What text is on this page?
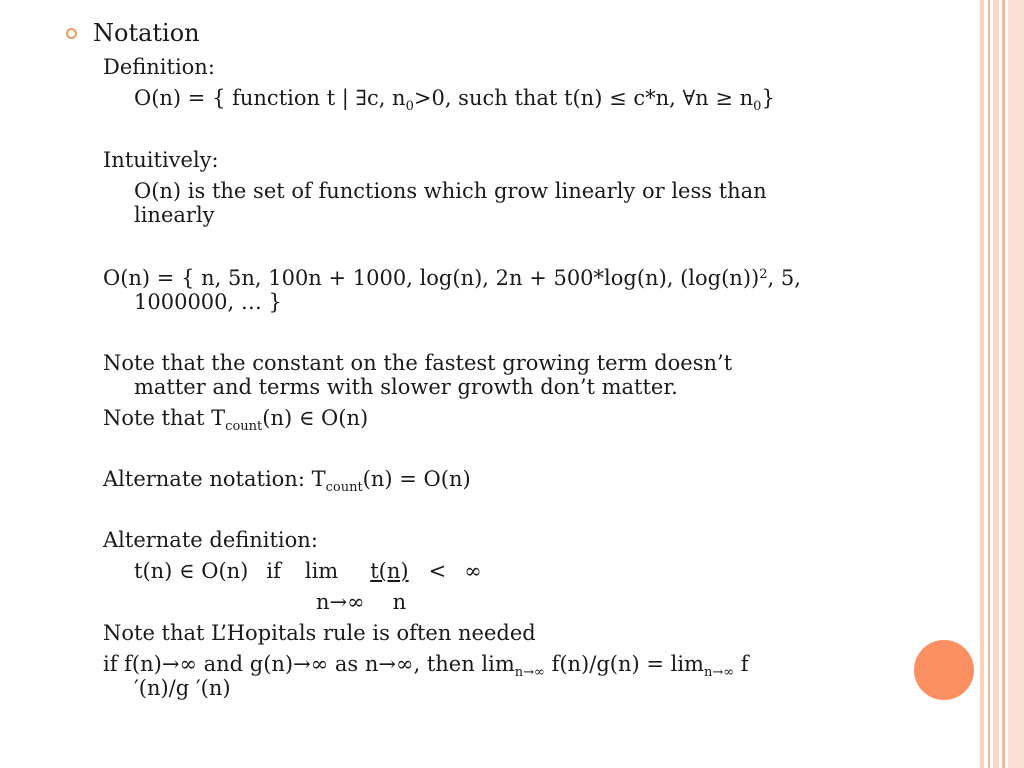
Notation
Definition:
O(n) = { function t | ∃c, $n_0>0$, such that t(n) ≤ c*n, ∀n ≥ $n_0$}
Intuitively:
O(n) is the set of functions which grow linearly or less than
linearly
O(n) = { n, 5n, 100n + 1000, log(n), 2n + 500*log(n), $(\log(n))^2$, 5,
1000000, … }
Note that the constant on the fastest growing term doesn’t
matter and terms with slower growth don’t matter.
Note that $T_{count}(n)$ ∈ O(n)
Alternate notation: $T_{count}(n) = O(n)$
Alternate definition:
t(n) ∈ O(n) if lim t(n) < ∞
n→∞ n
Note that L’Hopitals rule is often needed
if f(n)→∞ and g(n)→∞ as n→∞, then $\lim_{n\to\infty} f(n)/g(n) = \lim_{n\to\infty} f$
′(n)/g ′(n)
